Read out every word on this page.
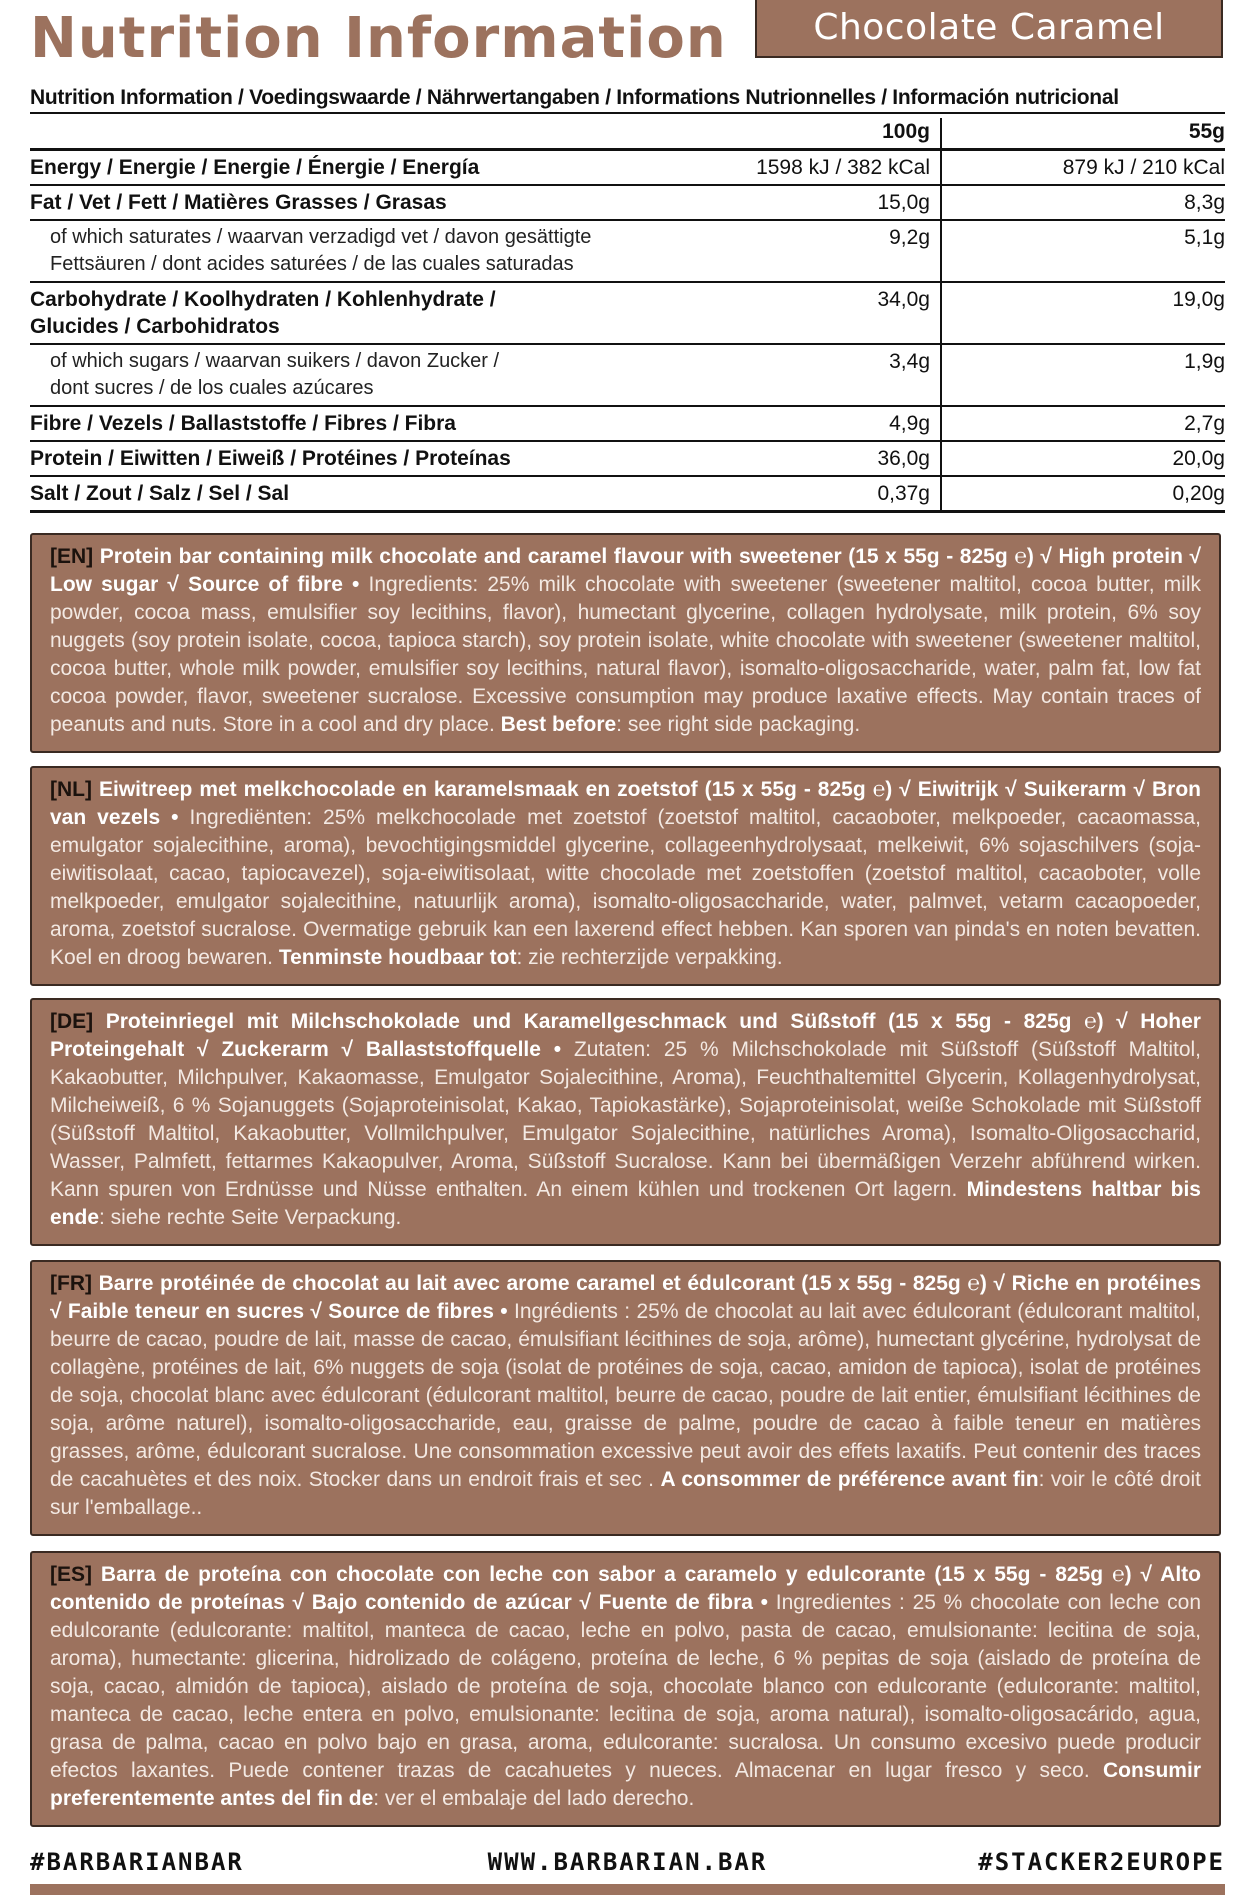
Nutrition Information	Chocolate Caramel
Nutrition Information / Voedingswaarde / Nährwertangaben / Informations Nutrionnelles / Información nutricional

100g	55g
Energy / Energie / Energie / Énergie / Energía	1598 kJ / 382 kCal	879 kJ / 210 kCal
Fat / Vet / Fett / Matières Grasses / Grasas	15,0g	8,3g
of which saturates / waarvan verzadigd vet / davon gesättigte Fettsäuren / dont acides saturées / de las cuales saturadas
9,2g	5,1g
Carbohydrate / Koolhydraten / Kohlenhydrate / Glucides / Carbohidratos
34,0g	19,0g
of which sugars / waarvan suikers / davon Zucker / dont sucres / de los cuales azúcares
3,4g	1,9g
Fibre / Vezels / Ballaststoffe / Fibres / Fibra	4,9g	2,7g
Protein / Eiwitten / Eiweiß / Protéines / Proteínas	36,0g	20,0g
Salt / Zout / Salz / Sel / Sal	0,37g	0,20g
[EN] Protein bar containing milk chocolate and caramel flavour with sweetener (15 x 55g - 825g ℮) √ High protein √ Low sugar √ Source of fibre • Ingredients: 25% milk chocolate with sweetener (sweetener maltitol, cocoa butter, milk powder, cocoa mass, emulsifier soy lecithins, flavor), humectant glycerine, collagen hydrolysate, milk protein, 6% soy nuggets (soy protein isolate, cocoa, tapioca starch), soy protein isolate, white chocolate with sweetener (sweetener maltitol, cocoa butter, whole milk powder, emulsifier soy lecithins, natural flavor), isomalto-oligosaccharide, water, palm fat, low fat cocoa powder, flavor, sweetener sucralose. Excessive consumption may produce laxative effects. May contain traces of peanuts and nuts. Store in a cool and dry place. Best before: see right side packaging.
[NL] Eiwitreep met melkchocolade en karamelsmaak en zoetstof (15 x 55g - 825g ℮) √ Eiwitrijk √ Suikerarm √ Bron van vezels • Ingrediënten: 25% melkchocolade met zoetstof (zoetstof maltitol, cacaoboter, melkpoeder, cacaomassa, emulgator sojalecithine, aroma), bevochtigingsmiddel glycerine, collageenhydrolysaat, melkeiwit, 6% sojaschilvers (soja-eiwitisolaat, cacao, tapiocavezel), soja-eiwitisolaat, witte chocolade met zoetstoffen (zoetstof maltitol, cacaoboter, volle melkpoeder, emulgator sojalecithine, natuurlijk aroma), isomalto-oligosaccharide, water, palmvet, vetarm cacaopoeder, aroma, zoetstof sucralose. Overmatige gebruik kan een laxerend effect hebben. Kan sporen van pinda's en noten bevatten. Koel en droog bewaren. Tenminste houdbaar tot: zie rechterzijde verpakking.
[DE] Proteinriegel mit Milchschokolade und Karamellgeschmack und Süßstoff (15 x 55g - 825g ℮) √ Hoher Proteingehalt √ Zuckerarm √ Ballaststoffquelle • Zutaten: 25 % Milchschokolade mit Süßstoff (Süßstoff Maltitol, Kakaobutter, Milchpulver, Kakaomasse, Emulgator Sojalecithine, Aroma), Feuchthaltemittel Glycerin, Kollagenhydrolysat, Milcheiweiß, 6 % Sojanuggets (Sojaproteinisolat, Kakao, Tapiokastärke), Sojaproteinisolat, weiße Schokolade mit Süßstoff (Süßstoff Maltitol, Kakaobutter, Vollmilchpulver, Emulgator Sojalecithine, natürliches Aroma), Isomalto-Oligosaccharid, Wasser, Palmfett, fettarmes Kakaopulver, Aroma, Süßstoff Sucralose. Kann bei übermäßigen Verzehr abführend wirken. Kann spuren von Erdnüsse und Nüsse enthalten. An einem kühlen und trockenen Ort lagern. Mindestens haltbar bis ende: siehe rechte Seite Verpackung.
[FR] Barre protéinée de chocolat au lait avec arome caramel et édulcorant (15 x 55g - 825g ℮) √ Riche en protéines √ Faible teneur en sucres √ Source de fibres • Ingrédients : 25% de chocolat au lait avec édulcorant (édulcorant maltitol, beurre de cacao, poudre de lait, masse de cacao, émulsifiant lécithines de soja, arôme), humectant glycérine, hydrolysat de collagène, protéines de lait, 6% nuggets de soja (isolat de protéines de soja, cacao, amidon de tapioca), isolat de protéines de soja, chocolat blanc avec édulcorant (édulcorant maltitol, beurre de cacao, poudre de lait entier, émulsifiant lécithines de soja, arôme naturel), isomalto-oligosaccharide, eau, graisse de palme, poudre de cacao à faible teneur en matières grasses, arôme, édulcorant sucralose. Une consommation excessive peut avoir des effets laxatifs. Peut contenir des traces de cacahuètes et des noix. Stocker dans un endroit frais et sec . A consommer de préférence avant fin: voir le côté droit sur l'emballage..
[ES] Barra de proteína con chocolate con leche con sabor a caramelo y edulcorante (15 x 55g - 825g ℮) √ Alto contenido de proteínas √ Bajo contenido de azúcar √ Fuente de fibra • Ingredientes : 25 % chocolate con leche con edulcorante (edulcorante: maltitol, manteca de cacao, leche en polvo, pasta de cacao, emulsionante: lecitina de soja, aroma), humectante: glicerina, hidrolizado de colágeno, proteína de leche, 6 % pepitas de soja (aislado de proteína de soja, cacao, almidón de tapioca), aislado de proteína de soja, chocolate blanco con edulcorante (edulcorante: maltitol, manteca de cacao, leche entera en polvo, emulsionante: lecitina de soja, aroma natural), isomalto-oligosacárido, agua, grasa de palma, cacao en polvo bajo en grasa, aroma, edulcorante: sucralosa. Un consumo excesivo puede producir efectos laxantes. Puede contener trazas de cacahuetes y nueces. Almacenar en lugar fresco y seco. Consumir preferentemente antes del fin de: ver el embalaje del lado derecho.
#BARBARIANBAR	WWW.BARBARIAN.BAR	#STACKER2EUROPE
